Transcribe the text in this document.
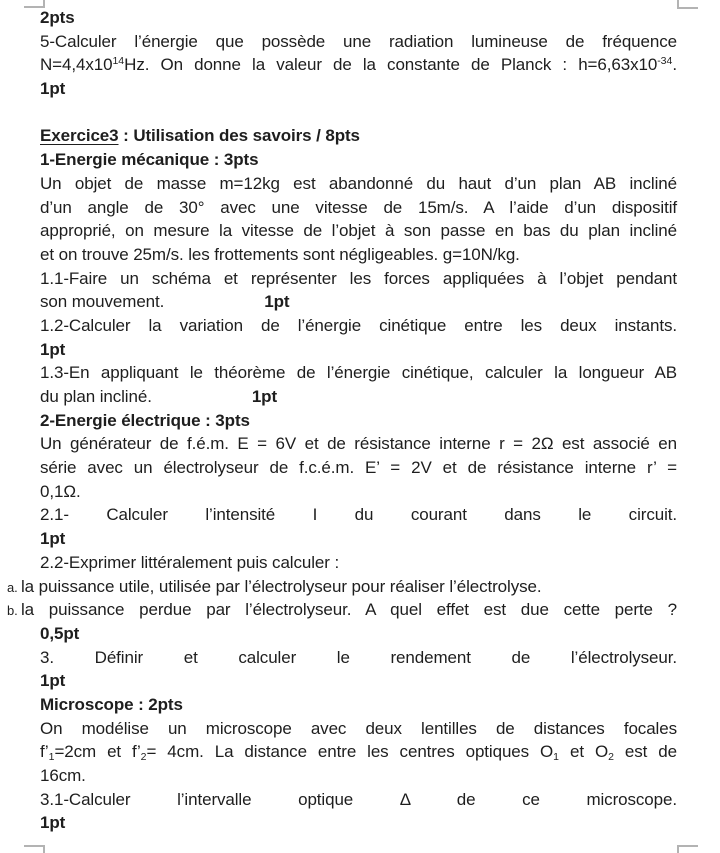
2pts
5-Calculer l’énergie que possède une radiation lumineuse de fréquence
$N=4,4x10^{14}Hz$. On donne la valeur de la constante de Planck : $h=6,63x10^{-34}$.
1pt
Exercice3 : Utilisation des savoirs / 8pts
1-Energie mécanique : 3pts
Un objet de masse m=12kg est abandonné du haut d’un plan AB incliné
d’un angle de 30° avec une vitesse de 15m/s. A l’aide d’un dispositif
approprié, on mesure la vitesse de l’objet à son passe en bas du plan incliné
et on trouve 25m/s. les frottements sont négligeables. g=10N/kg.
1.1-Faire un schéma et représenter les forces appliquées à l’objet pendant
son mouvement.	1pt
1.2-Calculer la variation de l’énergie cinétique entre les deux instants.
1pt
1.3-En appliquant le théorème de l’énergie cinétique, calculer la longueur AB
du plan incliné.	1pt
2-Energie électrique : 3pts
Un générateur de f.é.m. E = 6V et de résistance interne r = 2Ω est associé en
série avec un électrolyseur de f.c.é.m. E’ = 2V et de résistance interne r’ =
0,1Ω.
2.1- Calculer l’intensité I du courant dans le circuit.
1pt
2.2-Exprimer littéralement puis calculer :
a. la puissance utile, utilisée par l’électrolyseur pour réaliser l’électrolyse.
b. la puissance perdue par l’électrolyseur. A quel effet est due cette perte ?
0,5pt
3. Définir et calculer le rendement de l’électrolyseur.
1pt
Microscope : 2pts
On modélise un microscope avec deux lentilles de distances focales
f’1=2cm et f’2= 4cm. La distance entre les centres optiques O1 et O2 est de
16cm.
3.1-Calculer l’intervalle optique Δ de ce microscope.
1pt
